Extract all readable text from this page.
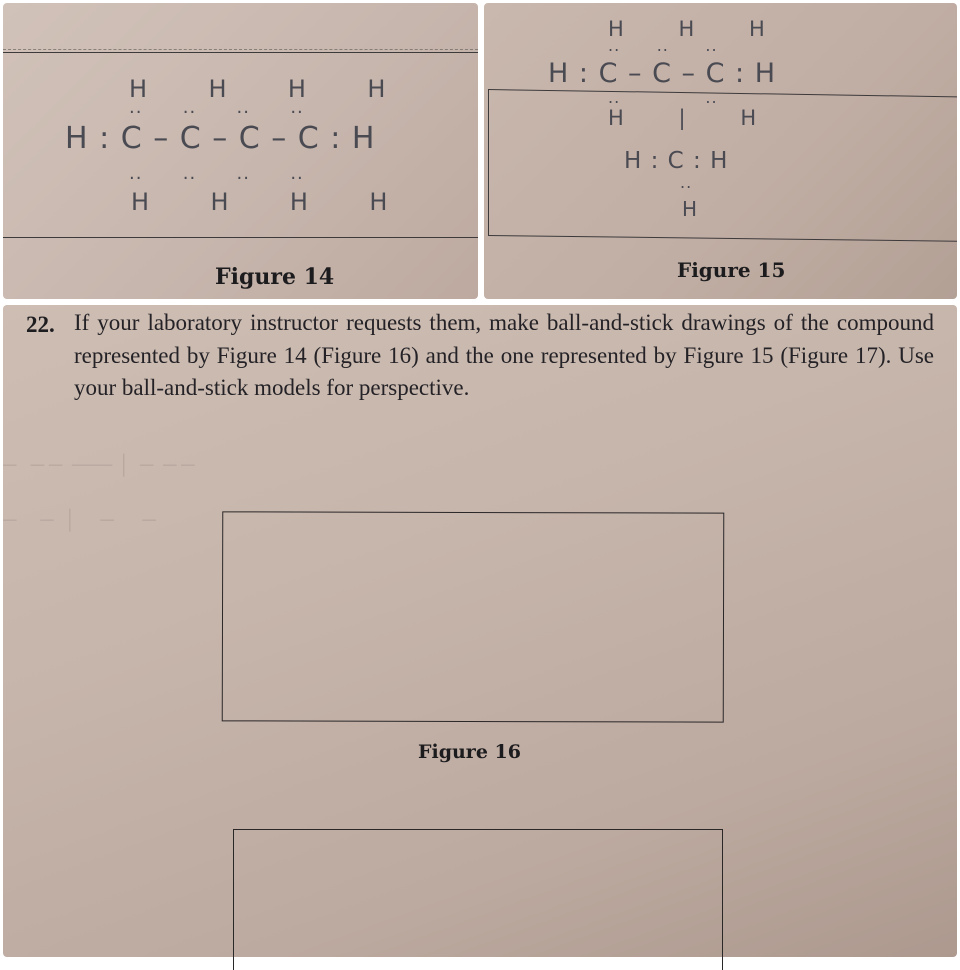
H       H       H       H
..      ..      ..      ..
H : C – C – C – C : H
..      ..      ..      ..
H       H       H       H
Figure 14
H       H       H
..      ..      ..
H : C – C – C : H
..              ..
H       |       H
H : C : H
..
H
Figure 15
─   ─ ─  ─── │  ─  ─ ─
─     ─  │     ─      ─
22. If your laboratory instructor requests them, make ball-and-stick drawings of the compound represented by Figure 14 (Figure 16) and the one represented by Figure 15 (Figure 17). Use your ball-and-stick models for perspective.
Figure 16
